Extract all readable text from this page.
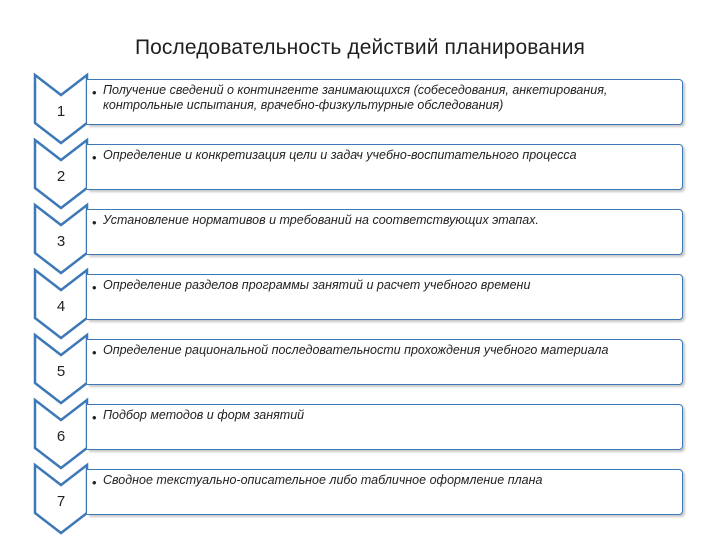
Последовательность действий планирования
1
• Получение сведений о контингенте занимающихся (собеседования, анкетирования, контрольные испытания, врачебно-физкультурные обследования)
2
• Определение и конкретизация цели и задач учебно-воспитательного процесса
3
• Установление нормативов и требований на соответствующих этапах.
4
• Определение разделов программы занятий и расчет учебного времени
5
• Определение рациональной последовательности прохождения учебного материала
6
• Подбор методов и форм занятий
7
• Сводное текстуально-описательное либо табличное оформление плана
